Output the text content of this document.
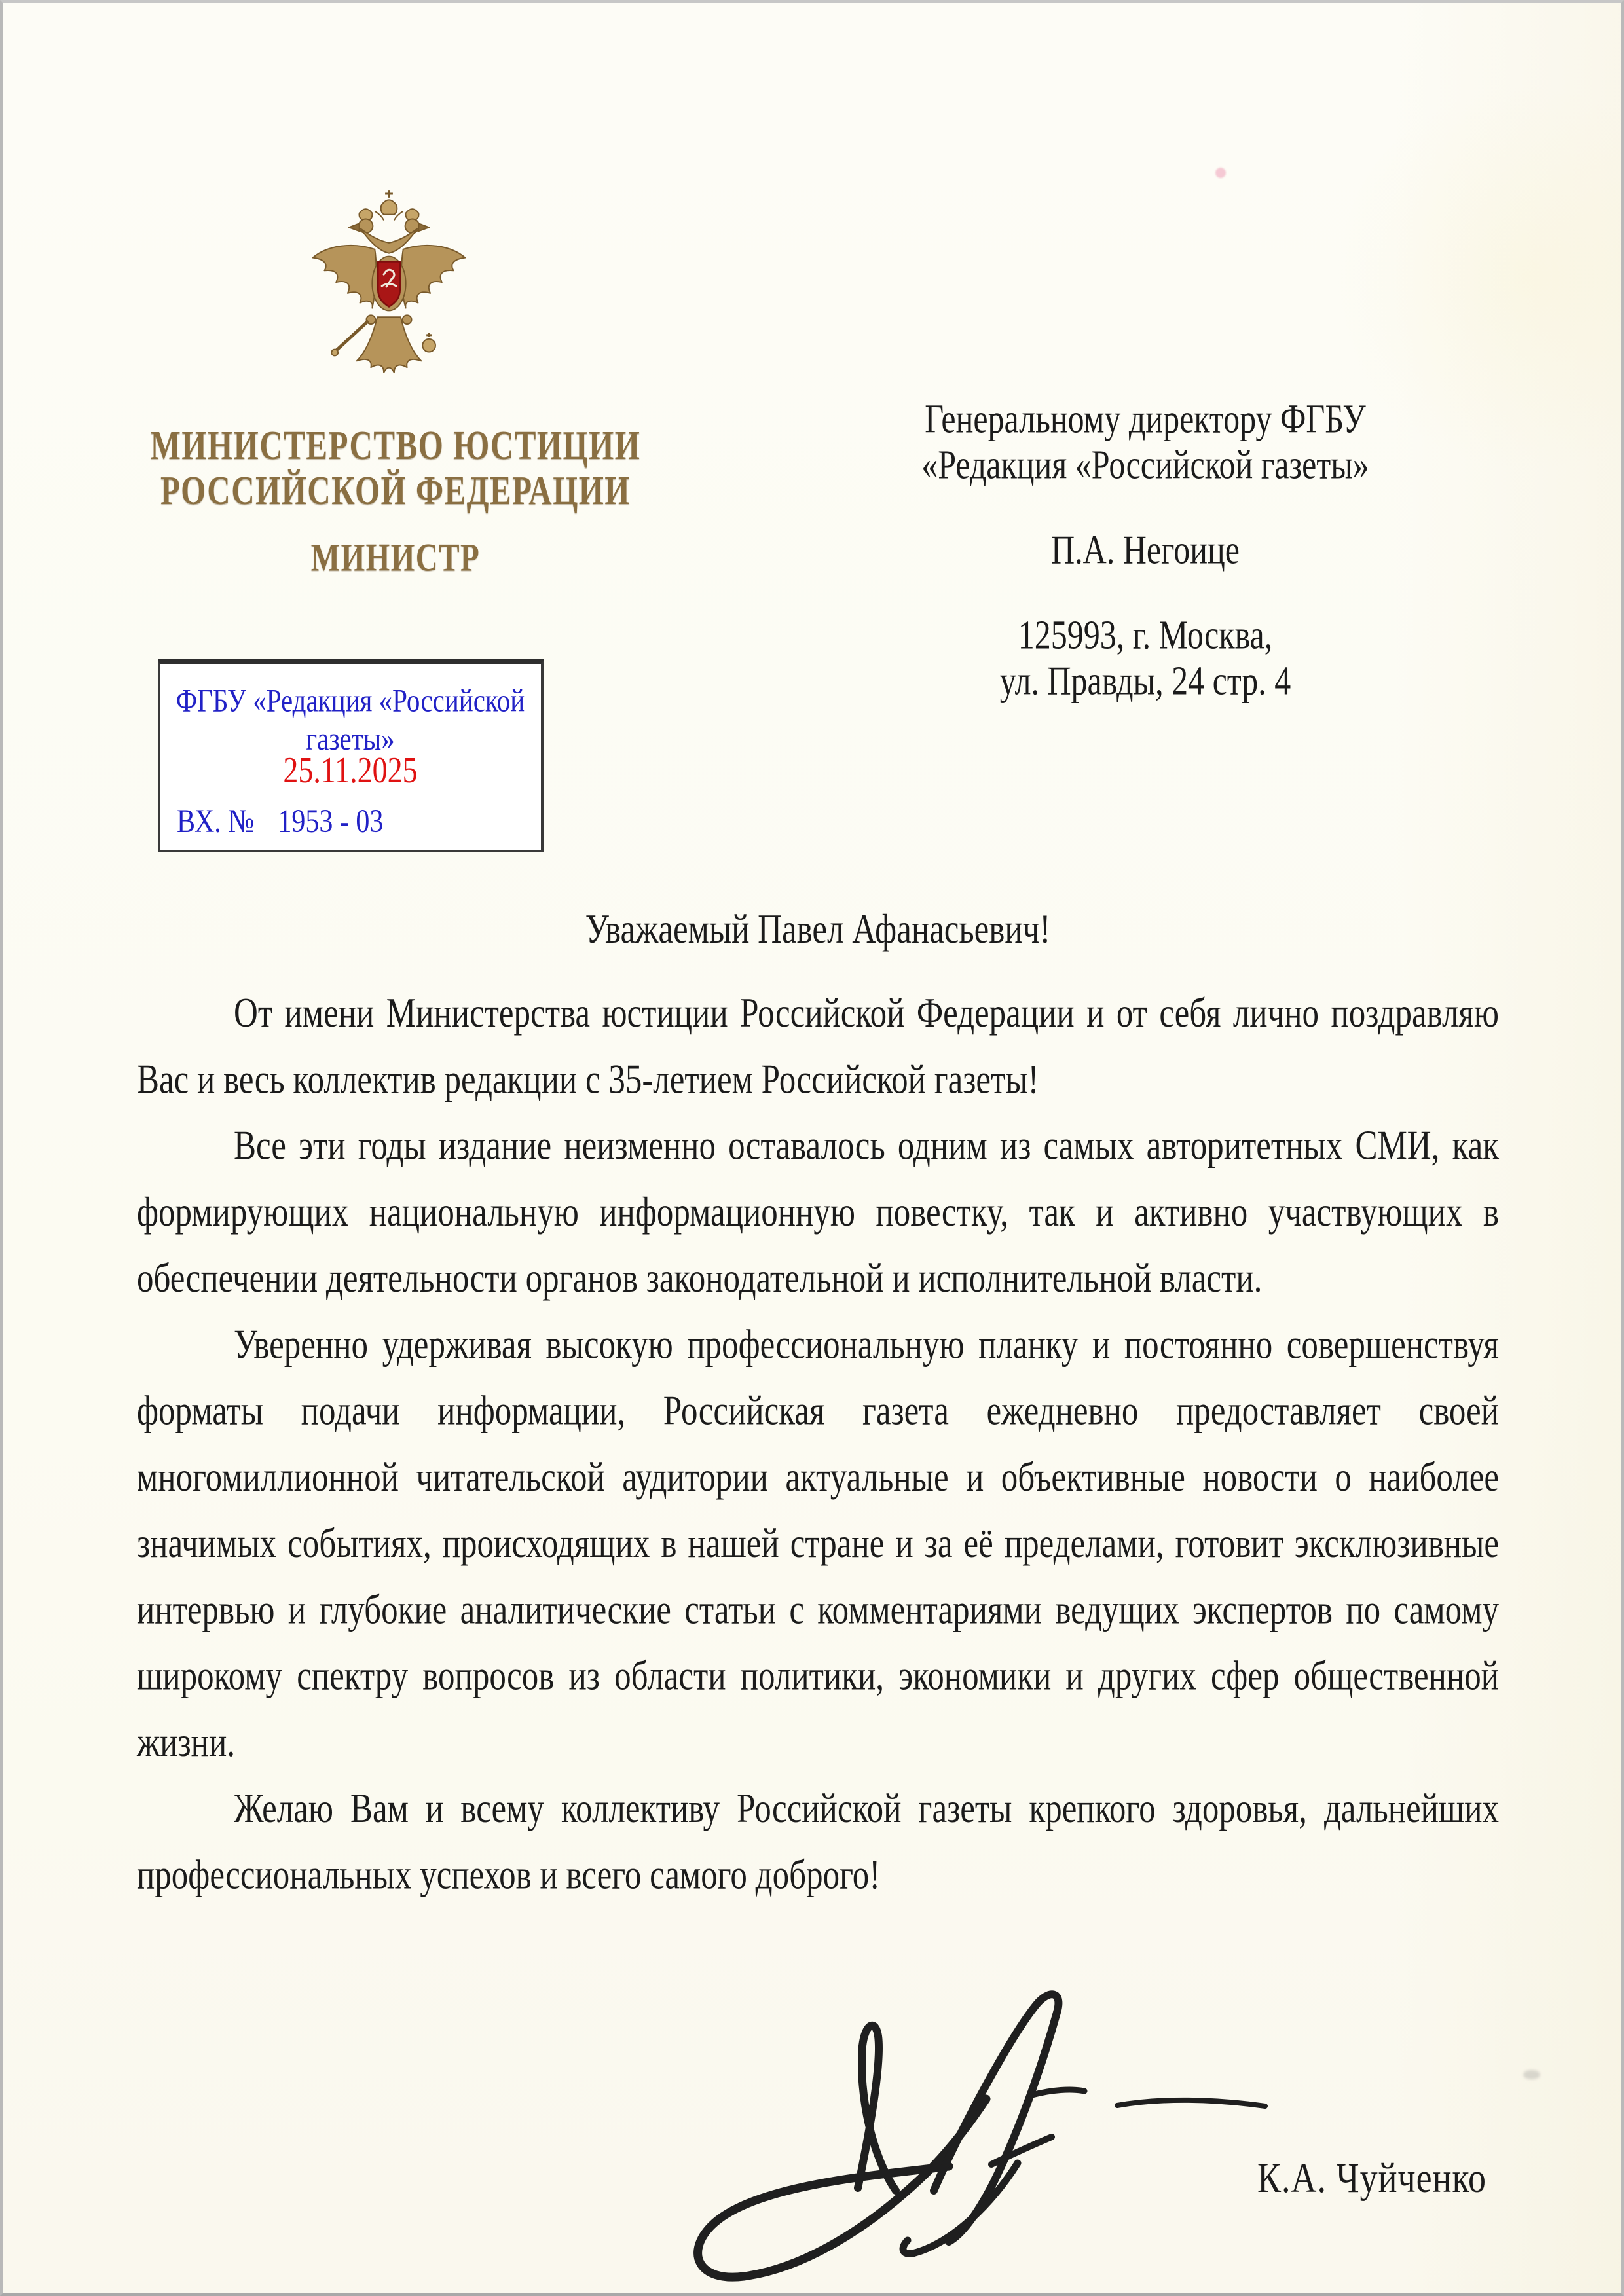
МИНИСТЕРСТВО ЮСТИЦИИ
РОССИЙСКОЙ ФЕДЕРАЦИИ
МИНИСТР
Генеральному директору ФГБУ
«Редакция «Российской газеты»
П.А. Негоице
125993, г. Москва,
ул. Правды, 24 стр. 4
ФГБУ «Редакция «Российской газеты»
25.11.2025
ВХ. № 1953 - 03
Уважаемый Павел Афанасьевич!

От имени Министерства юстиции Российской Федерации и от себя лично поздравляю Вас и весь коллектив редакции с 35-летием Российской газеты!

Все эти годы издание неизменно оставалось одним из самых авторитетных СМИ, как формирующих национальную информационную повестку, так и активно участвующих в обеспечении деятельности органов законодательной и исполнительной власти.

Уверенно удерживая высокую профессиональную планку и постоянно совершенствуя форматы подачи информации, Российская газета ежедневно предоставляет своей многомиллионной читательской аудитории актуальные и объективные новости о наиболее значимых событиях, происходящих в нашей стране и за её пределами, готовит эксклюзивные интервью и глубокие аналитические статьи с комментариями ведущих экспертов по самому широкому спектру вопросов из области политики, экономики и других сфер общественной жизни.

Желаю Вам и всему коллективу Российской газеты крепкого здоровья, дальнейших профессиональных успехов и всего самого доброго!

К.А. Чуйченко
